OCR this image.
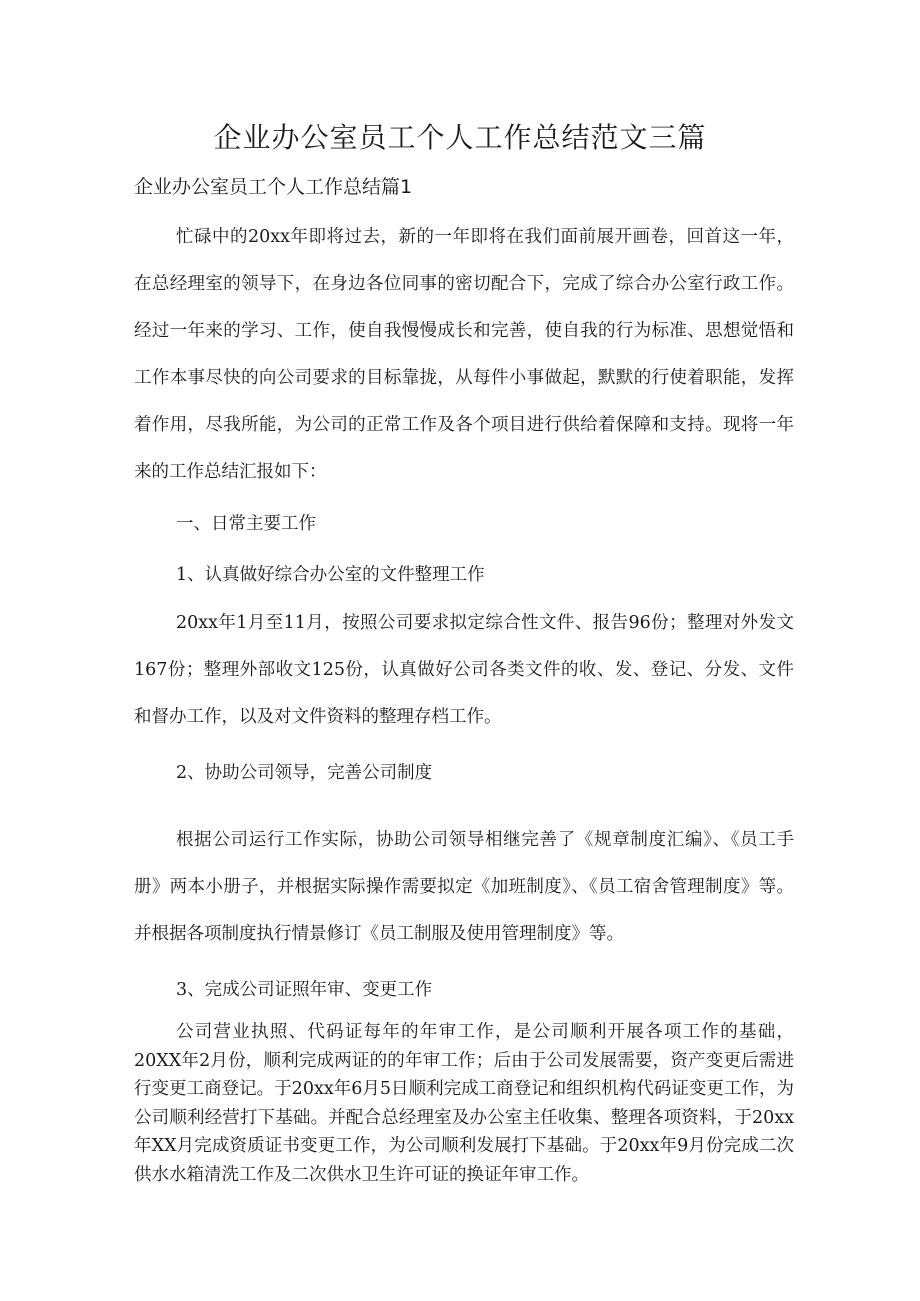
企业办公室员工个人工作总结范文三篇
企业办公室员工个人工作总结篇1

忙碌中的20xx年即将过去，新的一年即将在我们面前展开画卷，回首这一年，在总经理室的领导下，在身边各位同事的密切配合下，完成了综合办公室行政工作。经过一年来的学习、工作，使自我慢慢成长和完善，使自我的行为标准、思想觉悟和工作本事尽快的向公司要求的目标靠拢，从每件小事做起，默默的行使着职能，发挥着作用，尽我所能，为公司的正常工作及各个项目进行供给着保障和支持。现将一年来的工作总结汇报如下：

一、日常主要工作

1、认真做好综合办公室的文件整理工作

20xx年1月至11月，按照公司要求拟定综合性文件、报告96份；整理对外发文167份；整理外部收文125份，认真做好公司各类文件的收、发、登记、分发、文件和督办工作，以及对文件资料的整理存档工作。

2、协助公司领导，完善公司制度

根据公司运行工作实际，协助公司领导相继完善了《规章制度汇编》、《员工手册》两本小册子，并根据实际操作需要拟定《加班制度》、《员工宿舍管理制度》等。并根据各项制度执行情景修订《员工制服及使用管理制度》等。

3、完成公司证照年审、变更工作

公司营业执照、代码证每年的年审工作，是公司顺利开展各项工作的基础，20XX年2月份，顺利完成两证的的年审工作；后由于公司发展需要，资产变更后需进行变更工商登记。于20xx年6月5日顺利完成工商登记和组织机构代码证变更工作，为公司顺利经营打下基础。并配合总经理室及办公室主任收集、整理各项资料，于20xx年XX月完成资质证书变更工作，为公司顺利发展打下基础。于20xx年9月份完成二次供水水箱清洗工作及二次供水卫生许可证的换证年审工作。
